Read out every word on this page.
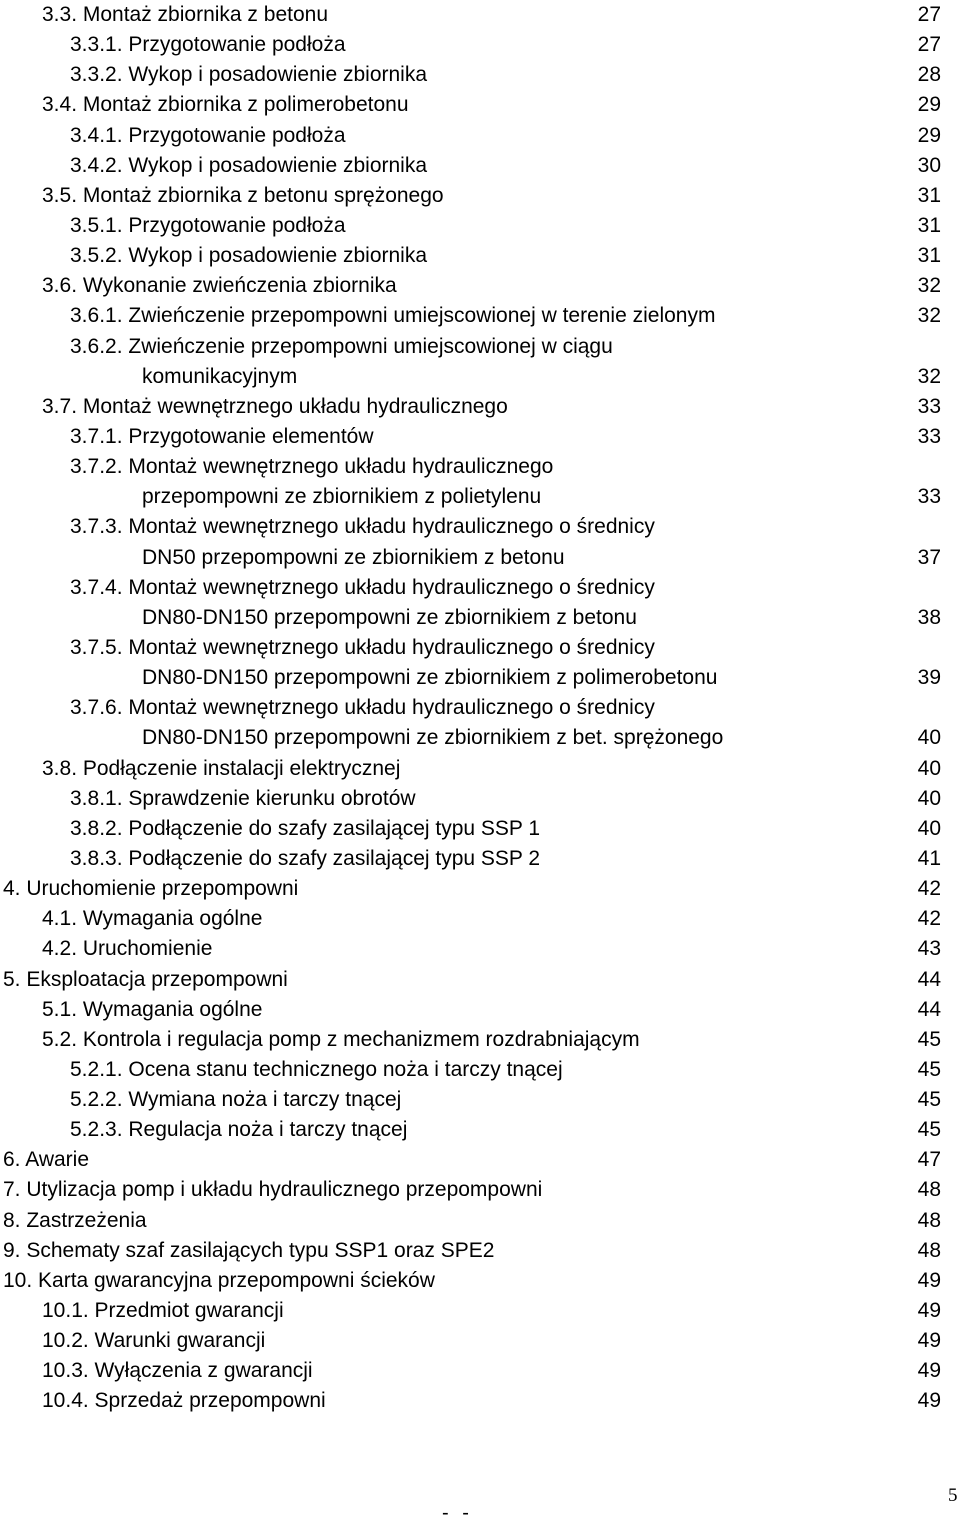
3.3. Montaż zbiornika z betonu	27
3.3.1. Przygotowanie podłoża	27
3.3.2. Wykop i posadowienie zbiornika	28
3.4. Montaż zbiornika z polimerobetonu	29
3.4.1. Przygotowanie podłoża	29
3.4.2. Wykop i posadowienie zbiornika	30
3.5. Montaż zbiornika z betonu sprężonego	31
3.5.1. Przygotowanie podłoża	31
3.5.2. Wykop i posadowienie zbiornika	31
3.6. Wykonanie zwieńczenia zbiornika	32
3.6.1. Zwieńczenie przepompowni umiejscowionej w terenie zielonym	32
3.6.2. Zwieńczenie przepompowni umiejscowionej w ciągu
komunikacyjnym	32
3.7. Montaż wewnętrznego układu hydraulicznego	33
3.7.1. Przygotowanie elementów	33
3.7.2. Montaż wewnętrznego układu hydraulicznego
przepompowni ze zbiornikiem z polietylenu	33
3.7.3. Montaż wewnętrznego układu hydraulicznego o średnicy
DN50 przepompowni ze zbiornikiem z betonu	37
3.7.4. Montaż wewnętrznego układu hydraulicznego o średnicy
DN80-DN150 przepompowni ze zbiornikiem z betonu	38
3.7.5. Montaż wewnętrznego układu hydraulicznego o średnicy
DN80-DN150 przepompowni ze zbiornikiem z polimerobetonu	39
3.7.6. Montaż wewnętrznego układu hydraulicznego o średnicy
DN80-DN150 przepompowni ze zbiornikiem z bet. sprężonego	40
3.8. Podłączenie instalacji elektrycznej	40
3.8.1. Sprawdzenie kierunku obrotów	40
3.8.2. Podłączenie do szafy zasilającej typu SSP 1	40
3.8.3. Podłączenie do szafy zasilającej typu SSP 2	41
4. Uruchomienie przepompowni	42
4.1. Wymagania ogólne	42
4.2. Uruchomienie	43
5. Eksploatacja przepompowni	44
5.1. Wymagania ogólne	44
5.2. Kontrola i regulacja pomp z mechanizmem rozdrabniającym	45
5.2.1. Ocena stanu technicznego noża i tarczy tnącej	45
5.2.2. Wymiana noża i tarczy tnącej	45
5.2.3. Regulacja noża i tarczy tnącej	45
6. Awarie	47
7. Utylizacja pomp i układu hydraulicznego przepompowni	48
8. Zastrzeżenia	48
9. Schematy szaf zasilających typu SSP1 oraz SPE2	48
10. Karta gwarancyjna przepompowni ścieków	49
10.1. Przedmiot gwarancji	49
10.2. Warunki gwarancji	49
10.3. Wyłączenia z gwarancji	49
10.4. Sprzedaż przepompowni	49
- -
5
